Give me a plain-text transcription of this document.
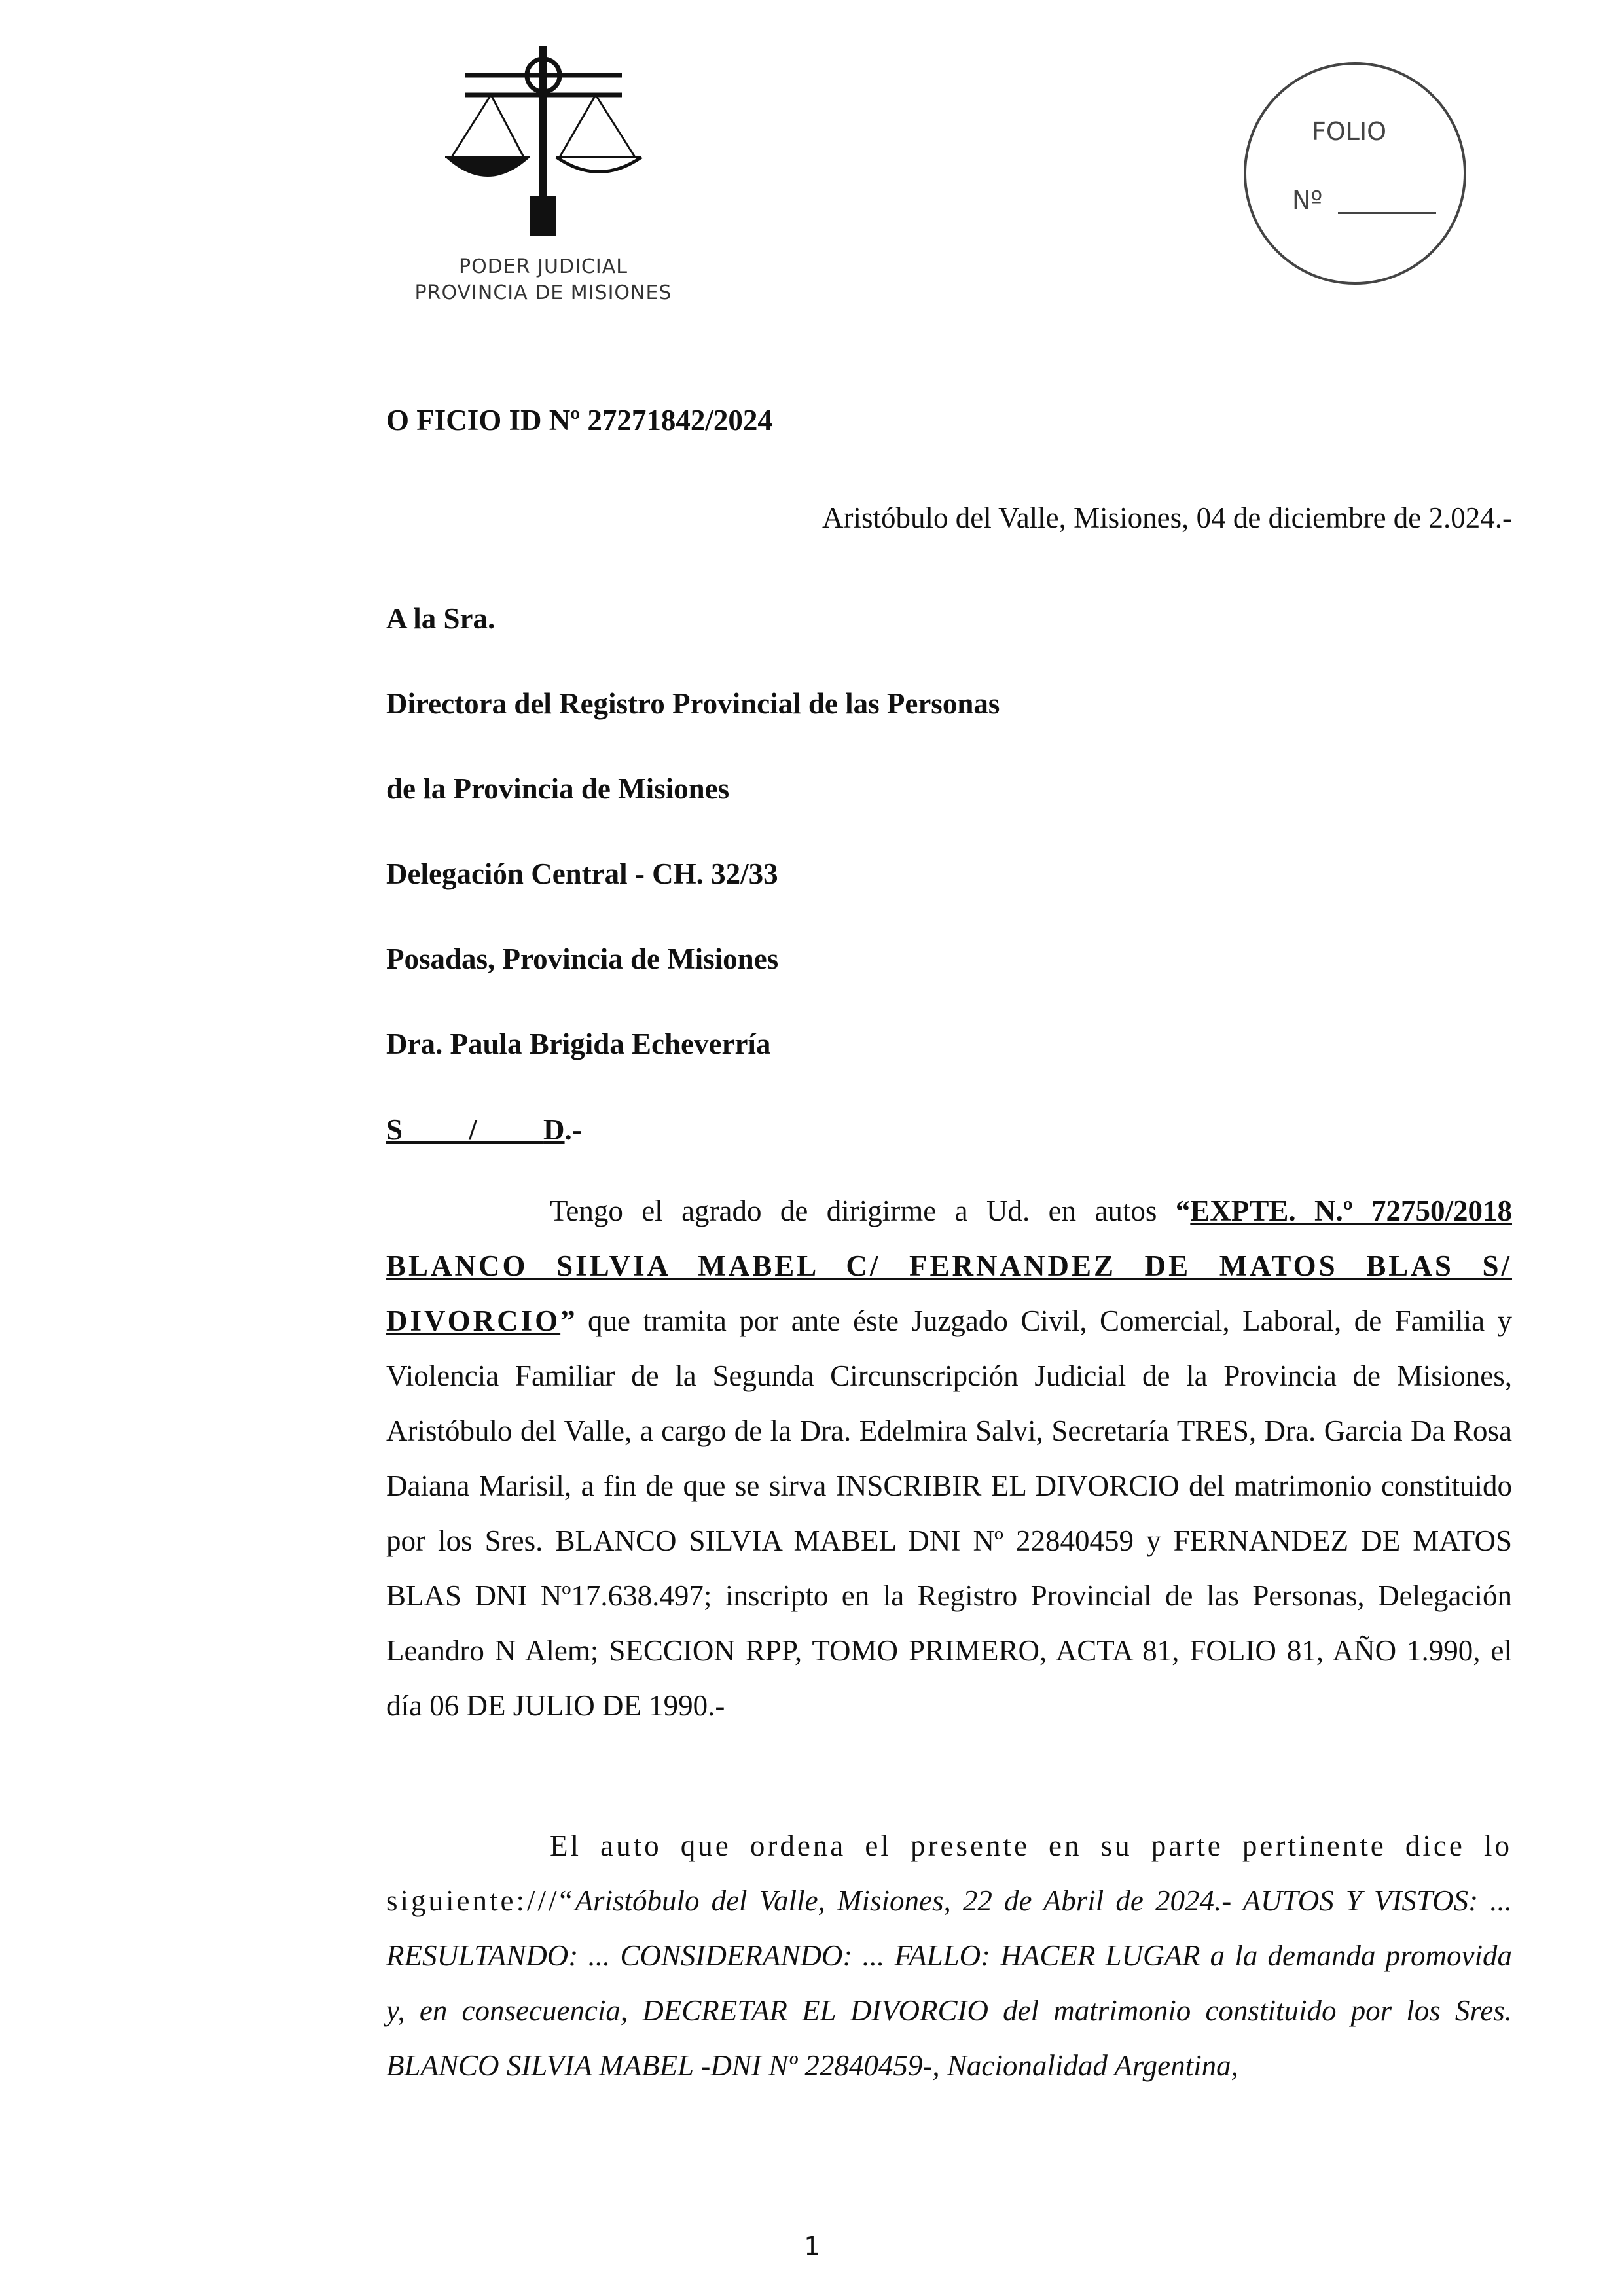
PODER JUDICIAL
PROVINCIA DE MISIONES
FOLIO
Nº
O FICIO ID Nº 27271842/2024
Aristóbulo del Valle, Misiones, 04 de diciembre de 2.024.-
A la Sra.
Directora del Registro Provincial de las Personas
de la Provincia de Misiones
Delegación Central - CH. 32/33
Posadas, Provincia de Misiones
Dra. Paula Brigida Echeverría
S / D.-
Tengo el agrado de dirigirme a Ud. en autos “EXPTE. N.º 72750/2018 BLANCO SILVIA MABEL C/ FERNANDEZ DE MATOS BLAS S/ DIVORCIO” que tramita por ante éste Juzgado Civil, Comercial, Laboral, de Familia y Violencia Familiar de la Segunda Circunscripción Judicial de la Provincia de Misiones, Aristóbulo del Valle, a cargo de la Dra. Edelmira Salvi, Secretaría TRES, Dra. Garcia Da Rosa Daiana Marisil, a fin de que se sirva INSCRIBIR EL DIVORCIO del matrimonio constituido por los Sres. BLANCO SILVIA MABEL DNI Nº 22840459 y FERNANDEZ DE MATOS BLAS DNI Nº17.638.497; inscripto en la Registro Provincial de las Personas, Delegación Leandro N Alem; SECCION RPP, TOMO PRIMERO, ACTA 81, FOLIO 81, AÑO 1.990, el día 06 DE JULIO DE 1990.-
El auto que ordena el presente en su parte pertinente dice lo siguiente:///“Aristóbulo del Valle, Misiones, 22 de Abril de 2024.- AUTOS Y VISTOS: ... RESULTANDO: ... CONSIDERANDO: ... FALLO: HACER LUGAR a la demanda promovida y, en consecuencia, DECRETAR EL DIVORCIO del matrimonio constituido por los Sres. BLANCO SILVIA MABEL -DNI Nº 22840459-, Nacionalidad Argentina,
1
